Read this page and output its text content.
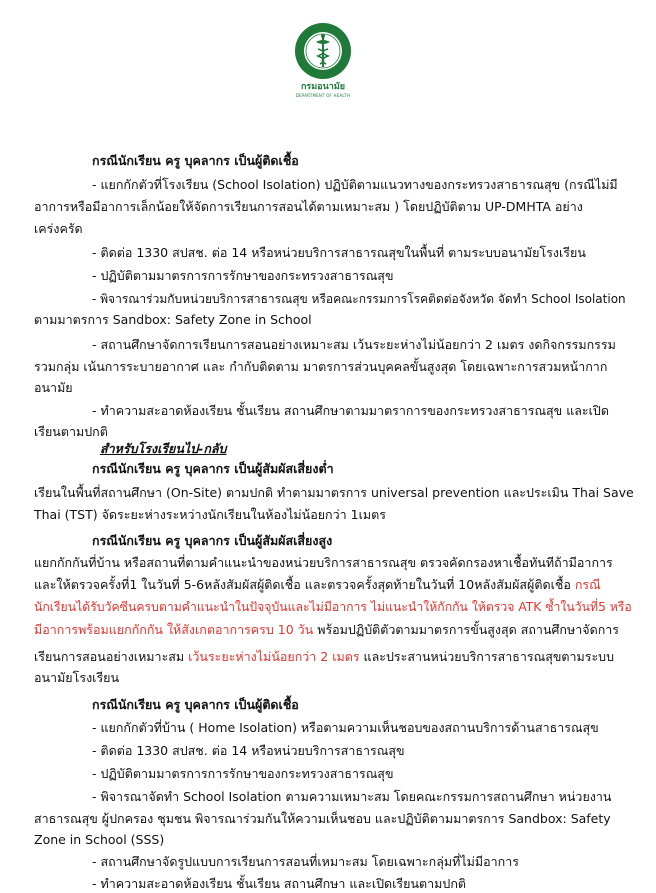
กรมอนามัย
DEPARTMENT OF HEALTH
กรณีนักเรียน ครู บุคลากร เป็นผู้ติดเชื้อ
- แยกกักตัวที่โรงเรียน (School Isolation) ปฏิบัติตามแนวทางของกระทรวงสาธารณสุข (กรณีไม่มี
อาการหรือมีอาการเล็กน้อยให้จัดการเรียนการสอนได้ตามเหมาะสม ) โดยปฏิบัติตาม UP-DMHTA อย่าง
เคร่งครัด
- ติดต่อ 1330 สปสช. ต่อ 14 หรือหน่วยบริการสาธารณสุขในพื้นที่ ตามระบบอนามัยโรงเรียน
- ปฏิบัติตามมาตรการการรักษาของกระทรวงสาธารณสุข
- พิจารณาร่วมกับหน่วยบริการสาธารณสุข หรือคณะกรรมการโรคติดต่อจังหวัด จัดทำ School Isolation
ตามมาตรการ Sandbox: Safety Zone in School
- สถานศึกษาจัดการเรียนการสอนอย่างเหมาะสม เว้นระยะห่างไม่น้อยกว่า 2 เมตร งดกิจกรรมกรรม
รวมกลุ่ม เน้นการระบายอากาศ และ กำกับติดตาม มาตรการส่วนบุคคลขั้นสูงสุด โดยเฉพาะการสวมหน้ากาก
อนามัย
- ทำความสะอาดห้องเรียน ชั้นเรียน สถานศึกษาตามมาตราการของกระทรวงสาธารณสุข และเปิด
เรียนตามปกติ
สำหรับโรงเรียนไป-กลับ
กรณีนักเรียน ครู บุคลากร เป็นผู้สัมผัสเสี่ยงต่ำ
เรียนในพื้นที่สถานศึกษา (On-Site) ตามปกติ ทำตามมาตรการ universal prevention และประเมิน Thai Save
Thai (TST) จัดระยะห่างระหว่างนักเรียนในห้องไม่น้อยกว่า 1เมตร
กรณีนักเรียน ครู บุคลากร เป็นผู้สัมผัสเสี่ยงสูง
แยกกักกันที่บ้าน หรือสถานที่ตามคำแนะนำของหน่วยบริการสาธารณสุข ตรวจคัดกรองหาเชื้อทันทีถ้ามีอาการ
และให้ตรวจครั้งที่1 ในวันที่ 5-6หลังสัมผัสผู้ติดเชื้อ และตรวจครั้งสุดท้ายในวันที่ 10หลังสัมผัสผู้ติดเชื้อ กรณี
นักเรียนได้รับวัคซีนครบตามคำแนะนำในปัจจุบันและไม่มีอาการ ไม่แนะนำให้กักกัน ให้ตรวจ ATK ซ้ำในวันที่5 หรือ
มีอาการพร้อมแยกกักกัน ให้สังเกตอาการครบ 10 วัน พร้อมปฏิบัติตัวตามมาตรการขั้นสูงสุด สถานศึกษาจัดการ
เรียนการสอนอย่างเหมาะสม เว้นระยะห่างไม่น้อยกว่า 2 เมตร และประสานหน่วยบริการสาธารณสุขตามระบบ
อนามัยโรงเรียน
กรณีนักเรียน ครู บุคลากร เป็นผู้ติดเชื้อ
- แยกกักตัวที่บ้าน ( Home Isolation) หรือตามความเห็นชอบของสถานบริการด้านสาธารณสุข
- ติดต่อ 1330 สปสช. ต่อ 14 หรือหน่วยบริการสาธารณสุข
- ปฏิบัติตามมาตรการการรักษาของกระทรวงสาธารณสุข
- พิจารณาจัดทำ School Isolation ตามความเหมาะสม โดยคณะกรรมการสถานศึกษา หน่วยงาน
สาธารณสุข ผู้ปกครอง ชุมชน พิจารณาร่วมกันให้ความเห็นชอบ และปฏิบัติตามมาตรการ Sandbox: Safety
Zone in School (SSS)
- สถานศึกษาจัดรูปแบบการเรียนการสอนที่เหมาะสม โดยเฉพาะกลุ่มที่ไม่มีอาการ
- ทำความสะอาดห้องเรียน ชั้นเรียน สถานศึกษา และเปิดเรียนตามปกติ
